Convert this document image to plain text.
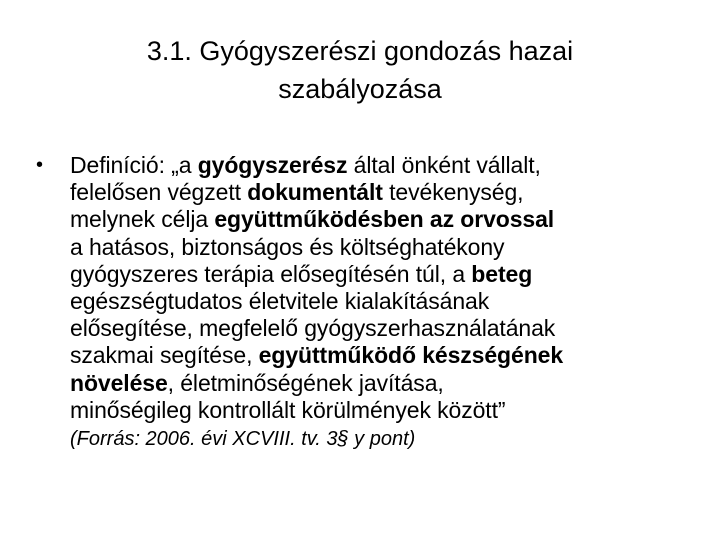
3.1. Gyógyszerészi gondozás hazai
szabályozása
• Definíció: „a gyógyszerész által önként vállalt,
felelősen végzett dokumentált tevékenység,
melynek célja együttműködésben az orvossal
a hatásos, biztonságos és költséghatékony
gyógyszeres terápia elősegítésén túl, a beteg
egészségtudatos életvitele kialakításának
elősegítése, megfelelő gyógyszerhasználatának
szakmai segítése, együttműködő készségének
növelése, életminőségének javítása,
minőségileg kontrollált körülmények között”
(Forrás: 2006. évi XCVIII. tv. 3§ y pont)
